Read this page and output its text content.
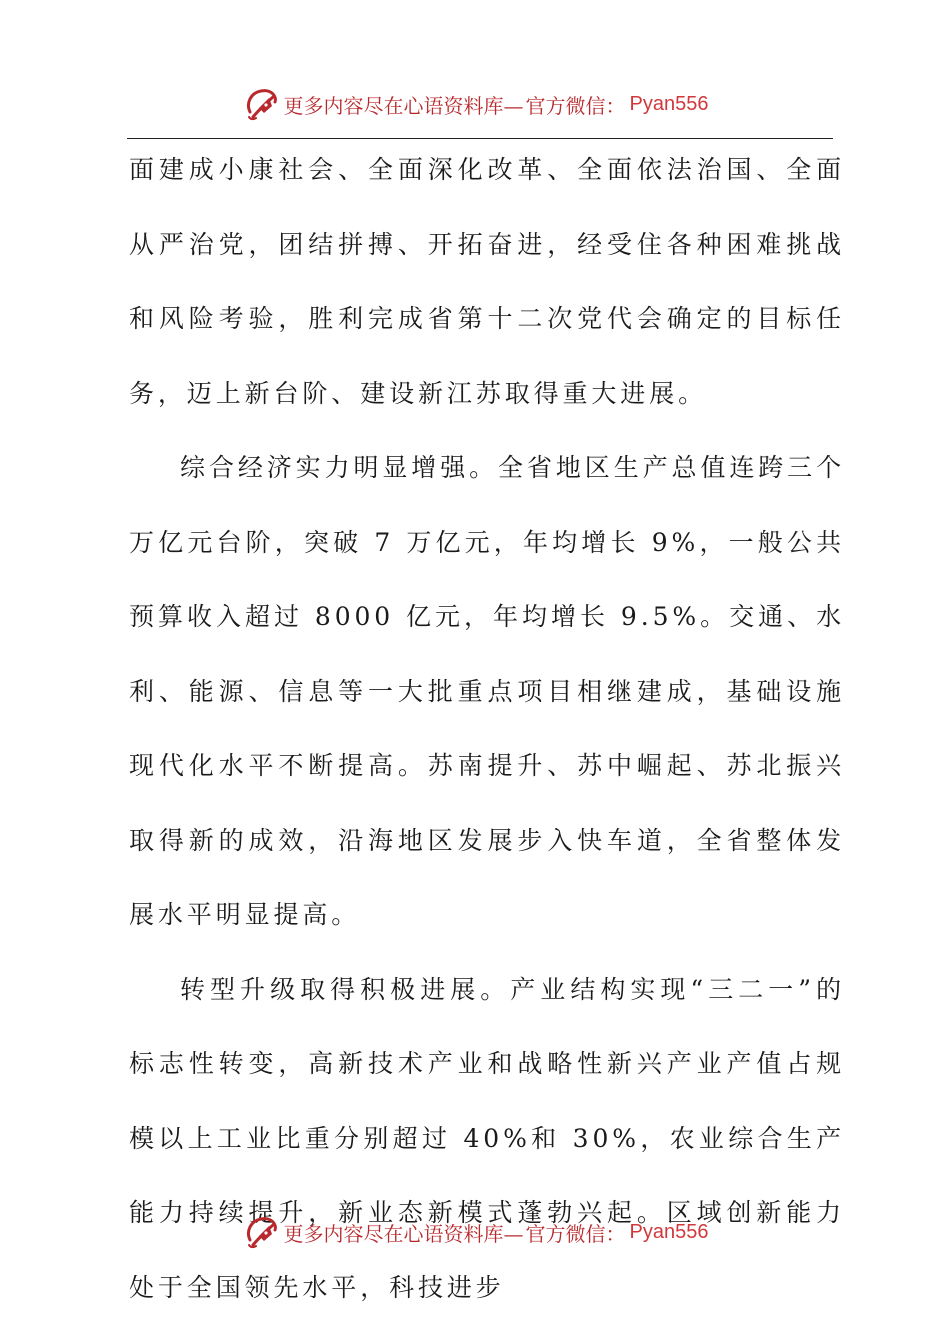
更多内容尽在心语资料库— 官方微信： Pyan556

面建成小康社会、全面深化改革、全面依法治国、全面从严治党，团结拼搏、开拓奋进，经受住各种困难挑战和风险考验，胜利完成省第十二次党代会确定的目标任务，迈上新台阶、建设新江苏取得重大进展。

综合经济实力明显增强。全省地区生产总值连跨三个万亿元台阶，突破 7 万亿元，年均增长 9%，一般公共预算收入超过 8000 亿元，年均增长 9.5%。交通、水利、能源、信息等一大批重点项目相继建成，基础设施现代化水平不断提高。苏南提升、苏中崛起、苏北振兴取得新的成效，沿海地区发展步入快车道，全省整体发展水平明显提高。

转型升级取得积极进展。产业结构实现“三二一”的标志性转变，高新技术产业和战略性新兴产业产值占规模以上工业比重分别超过 40%和 30%，农业综合生产能力持续提升，新业态新模式蓬勃兴起。区域创新能力处于全国领先水平，科技进步

更多内容尽在心语资料库— 官方微信： Pyan556
